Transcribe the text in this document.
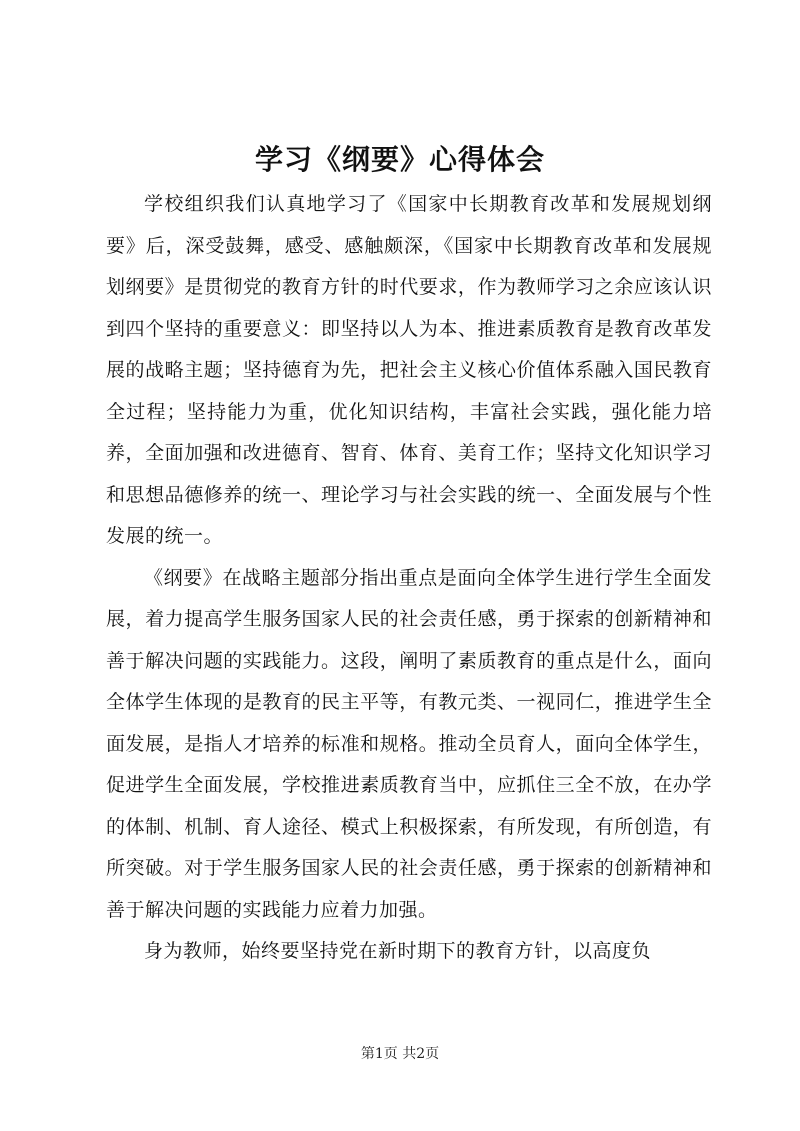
学习《纲要》心得体会

学校组织我们认真地学习了《国家中长期教育改革和发展规划纲要》后，深受鼓舞，感受、感触颇深，《国家中长期教育改革和发展规划纲要》是贯彻党的教育方针的时代要求，作为教师学习之余应该认识到四个坚持的重要意义：即坚持以人为本、推进素质教育是教育改革发展的战略主题；坚持德育为先，把社会主义核心价值体系融入国民教育全过程；坚持能力为重，优化知识结构，丰富社会实践，强化能力培养，全面加强和改进德育、智育、体育、美育工作；坚持文化知识学习和思想品德修养的统一、理论学习与社会实践的统一、全面发展与个性发展的统一。

《纲要》在战略主题部分指出重点是面向全体学生进行学生全面发展，着力提高学生服务国家人民的社会责任感，勇于探索的创新精神和善于解决问题的实践能力。这段，阐明了素质教育的重点是什么，面向全体学生体现的是教育的民主平等，有教元类、一视同仁，推进学生全面发展，是指人才培养的标准和规格。推动全员育人，面向全体学生，促进学生全面发展，学校推进素质教育当中，应抓住三全不放，在办学的体制、机制、育人途径、模式上积极探索，有所发现，有所创造，有所突破。对于学生服务国家人民的社会责任感，勇于探索的创新精神和善于解决问题的实践能力应着力加强。

身为教师，始终要坚持党在新时期下的教育方针，以高度负

第1页 共2页
